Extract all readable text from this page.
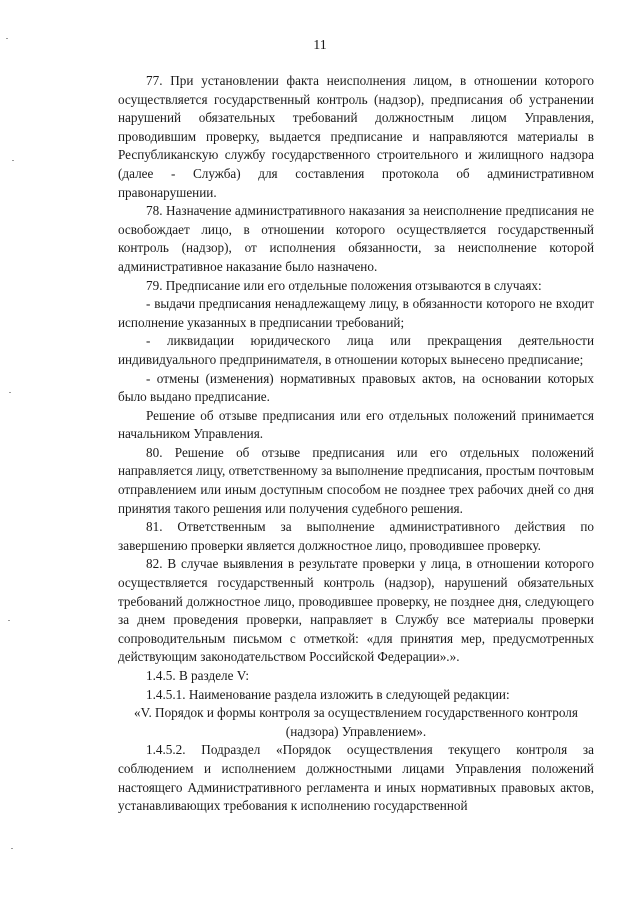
11

77. При установлении факта неисполнения лицом, в отношении которого осуществляется государственный контроль (надзор), предписания об устранении нарушений обязательных требований должностным лицом Управления, проводившим проверку, выдается предписание и направляются материалы в Республиканскую службу государственного строительного и жилищного надзора (далее - Служба) для составления протокола об административном правонарушении.

78. Назначение административного наказания за неисполнение предписания не освобождает лицо, в отношении которого осуществляется государственный контроль (надзор), от исполнения обязанности, за неисполнение которой административное наказание было назначено.

79. Предписание или его отдельные положения отзываются в случаях:

- выдачи предписания ненадлежащему лицу, в обязанности которого не входит исполнение указанных в предписании требований;

- ликвидации юридического лица или прекращения деятельности индивидуального предпринимателя, в отношении которых вынесено предписание;

- отмены (изменения) нормативных правовых актов, на основании которых было выдано предписание.

Решение об отзыве предписания или его отдельных положений принимается начальником Управления.

80. Решение об отзыве предписания или его отдельных положений направляется лицу, ответственному за выполнение предписания, простым почтовым отправлением или иным доступным способом не позднее трех рабочих дней со дня принятия такого решения или получения судебного решения.

81. Ответственным за выполнение административного действия по завершению проверки является должностное лицо, проводившее проверку.

82. В случае выявления в результате проверки у лица, в отношении которого осуществляется государственный контроль (надзор), нарушений обязательных требований должностное лицо, проводившее проверку, не позднее дня, следующего за днем проведения проверки, направляет в Службу все материалы проверки сопроводительным письмом с отметкой: «для принятия мер, предусмотренных действующим законодательством Российской Федерации».».

1.4.5. В разделе V:

1.4.5.1. Наименование раздела изложить в следующей редакции:

«V. Порядок и формы контроля за осуществлением государственного контроля (надзора) Управлением».

1.4.5.2. Подраздел «Порядок осуществления текущего контроля за соблюдением и исполнением должностными лицами Управления положений настоящего Административного регламента и иных нормативных правовых актов, устанавливающих требования к исполнению государственной
